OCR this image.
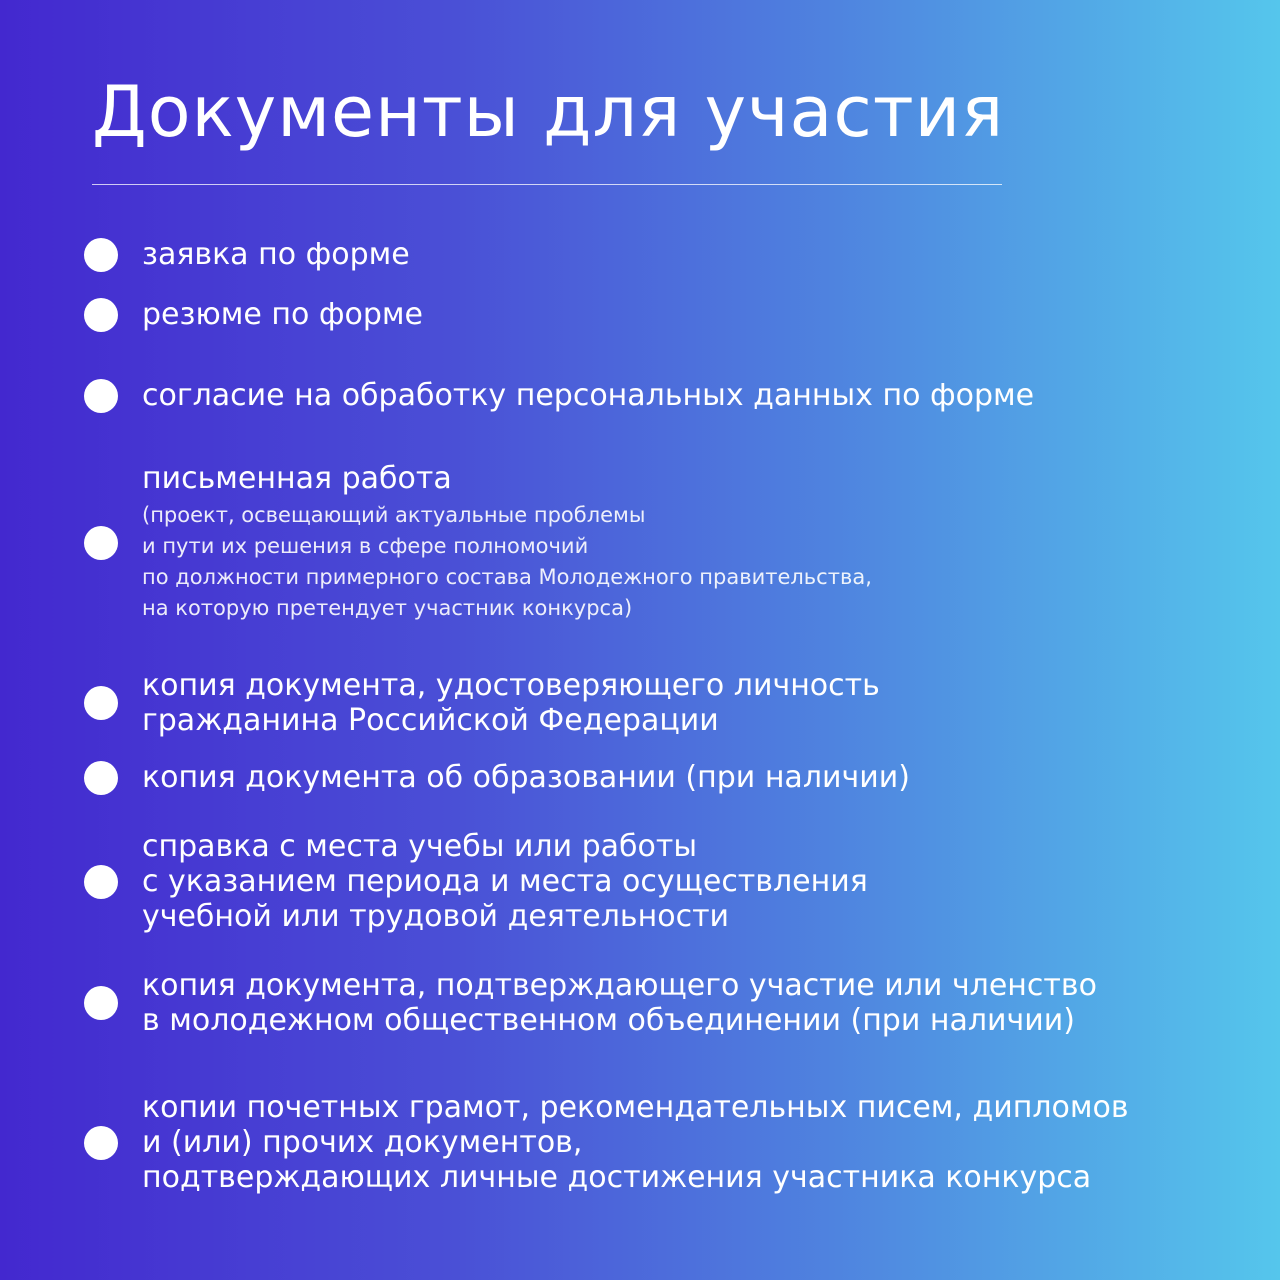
Документы для участия
заявка по форме
резюме по форме
согласие на обработку персональных данных по форме
письменная работа
(проект, освещающий актуальные проблемы
и пути их решения в сфере полномочий
по должности примерного состава Молодежного правительства,
на которую претендует участник конкурса)
копия документа, удостоверяющего личность
гражданина Российской Федерации
копия документа об образовании (при наличии)
справка с места учебы или работы
с указанием периода и места осуществления
учебной или трудовой деятельности
копия документа, подтверждающего участие или членство
в молодежном общественном объединении (при наличии)
копии почетных грамот, рекомендательных писем, дипломов
и (или) прочих документов,
подтверждающих личные достижения участника конкурса
